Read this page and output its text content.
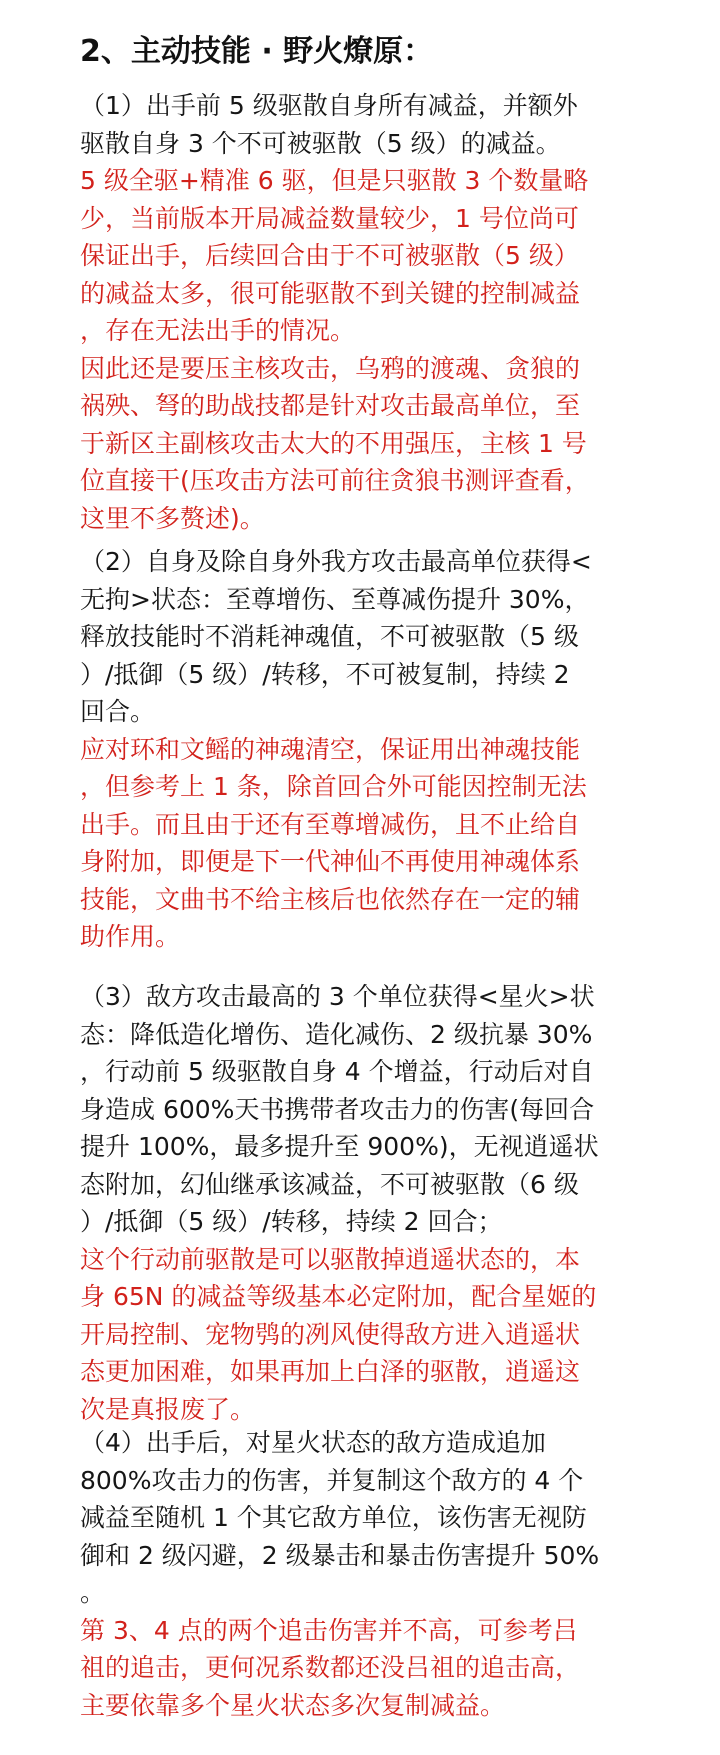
2、主动技能 · 野火燎原：
（1）出手前 5 级驱散自身所有减益，并额外
驱散自身 3 个不可被驱散（5 级）的减益。
5 级全驱+精准 6 驱，但是只驱散 3 个数量略
少，当前版本开局减益数量较少，1 号位尚可
保证出手，后续回合由于不可被驱散（5 级）
的减益太多，很可能驱散不到关键的控制减益
，存在无法出手的情况。
因此还是要压主核攻击，乌鸦的渡魂、贪狼的
祸殃、弩的助战技都是针对攻击最高单位，至
于新区主副核攻击太大的不用强压，主核 1 号
位直接干(压攻击方法可前往贪狼书测评查看，
这里不多赘述)。
（2）自身及除自身外我方攻击最高单位获得<
无拘>状态：至尊增伤、至尊减伤提升 30%，
释放技能时不消耗神魂值，不可被驱散（5 级
）/抵御（5 级）/转移，不可被复制，持续 2
回合。
应对环和文鳐的神魂清空，保证用出神魂技能
，但参考上 1 条，除首回合外可能因控制无法
出手。而且由于还有至尊增减伤，且不止给自
身附加，即便是下一代神仙不再使用神魂体系
技能，文曲书不给主核后也依然存在一定的辅
助作用。
（3）敌方攻击最高的 3 个单位获得<星火>状
态：降低造化增伤、造化减伤、2 级抗暴 30%
，行动前 5 级驱散自身 4 个增益，行动后对自
身造成 600%天书携带者攻击力的伤害(每回合
提升 100%，最多提升至 900%)，无视逍遥状
态附加，幻仙继承该减益，不可被驱散（6 级
）/抵御（5 级）/转移，持续 2 回合；
这个行动前驱散是可以驱散掉逍遥状态的，本
身 65N 的减益等级基本必定附加，配合星姬的
开局控制、宠物鸮的冽风使得敌方进入逍遥状
态更加困难，如果再加上白泽的驱散，逍遥这
次是真报废了。
（4）出手后，对星火状态的敌方造成追加
800%攻击力的伤害，并复制这个敌方的 4 个
减益至随机 1 个其它敌方单位，该伤害无视防
御和 2 级闪避，2 级暴击和暴击伤害提升 50%
。
第 3、4 点的两个追击伤害并不高，可参考吕
祖的追击，更何况系数都还没吕祖的追击高，
主要依靠多个星火状态多次复制减益。
